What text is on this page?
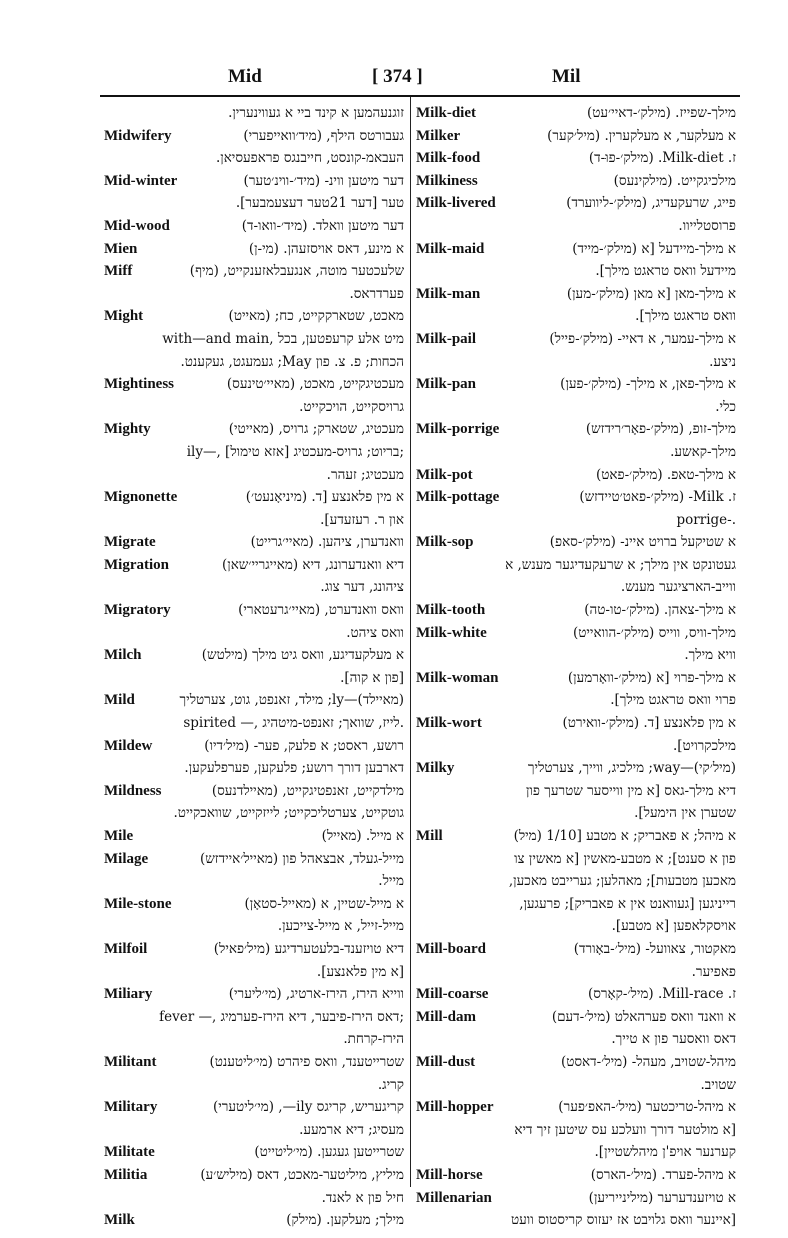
Mid	[ 374 ]	Mil
זוגנעהמען א קינד ביי א געווינערין.
Midwifery	געבורטס הילף, (מיד׳וואייפערי)
העבאמ-קונסט, חייבנגס פראפעסיאן.
Mid-winter	דער מיטען ווינ- (מיד׳-ווינ׳טער)
טער [דער 21טער דעצעמבער].
Mid-wood	דער מיטען וואלד. (מיד׳-וואו-ד)
Mien	א מינע, דאס אויסזעהן. (מי-ן)
Miff	שלעכטער מוטה, אנגעבלאזענקייט, (מיף)
פערדראס.
Might	מאכט, שטארקקייט, כח; (מאייט)
with—and main, מיט אלע קרעפטען, בכל
הכחות; פ. צ. פון May; געמעגט, געקענט.
Mightiness	מעכטיגקייט, מאכט, (מאיי׳טינעס)
גרויסקייט, הויכקייט.
Mighty	מעכטיג, שטארק; גרויס, (מאייטי)
ily—, בריוט; גרויס-מעכטיג [אזא טימול];
מעכטיג; זעהר.
Mignonette	א מין פלאנצע [ד. (מיניאָנעט׳)
און ר. רעזעדע].
Migrate	וואנדערן, ציהען. (מאיי׳גרייט)
Migration	דיא וואנדערונג, דיא (מאייגריי׳שאן)
ציהונג, דער צוג.
Migratory	וואס וואנדערט, (מאיי׳גרעטארי)
וואס ציהט.
Milch	א מעלקעדיגע, וואס גיט מילך (מילטש)
[פון א קוה].
Mild	(מאיילד)—ly; מילד, זאנפט, גוט, צערטליך
spirited —, לייז, שוואך; זאנפט-מיטהיג.
Mildew	רושע, ראסט; א פלעק, פער- (מיל׳דיו)
דארבען דורך רושע; פלעקען, פערפלעקען.
Mildness	מילדקייט, זאנפטיגקייט, (מאיילדנעס)
גוטקייט, צערטליכקייט; לייזקייט, שוואכקייט.
Mile	א מייל. (מאייל)
Milage	מייל-געלד, אבצאהל פון (מאייל׳איידזש)
מייל.
Mile-stone	א מייל-שטיין, א (מאייל-סטאָן)
מייל-זייל, א מייל-צייכען.
Milfoil	דיא טויזענד-בלעטערדיגע (מיל׳פאיל)
[א מין פלאנצע].
Miliary	ווייא הירז, הירז-ארטיג, (מי׳ליערי)
fever —, דאס הירז-פיבער, דיא הירז-פערמיג;
הירז-קרחת.
Militant	שטרייטענד, וואס פיהרט (מי׳ליטענט)
קריג.
Military	קריגעריש, קריגס ily—, (מי׳ליטערי)
מעסיג; דיא ארמעע.
Militate	שטרייטען געגען. (מי׳ליטייט)
Militia	מיליץ, מיליטער-מאכט, דאס (מיליש׳ע)
חיל פון א לאנד.
Milk	מילך; מעלקען. (מילק)
Milk-diet	מילך-שפייז. (מילק׳-דאיי׳עט)
Milker	א מעלקער, א מעלקערין. (מיל׳קער)
Milk-food	ז. Milk-diet. (מילק׳-פוּ-ד)
Milkiness	מילכיגקייט. (מילקינעס)
Milk-livered	פייג, שרעקעדיג, (מילק׳-ליווערד)
פרוסטלייוו.
Milk-maid	א מילך-מיידעל [א (מילק׳-מייד)
מיידעל וואס טראגט מילך].
Milk-man	א מילך-מאן [א מאן (מילק׳-מען)
וואס טראגט מילך].
Milk-pail	א מילך-עמער, א דאיי- (מילק׳-פייל)
ניצע.
Milk-pan	א מילך-פאן, א מילך- (מילק׳-פען)
כלי.
Milk-porrige	מילך-זופ, (מילק׳-פאָר׳רידזש)
מילך-קאשע.
Milk-pot	א מילך-טאפ. (מילק׳-פאט)
Milk-pottage	ז. Milk- (מילק׳-פאט׳טיידזש)
porrige-.
Milk-sop	א שטיקעל ברויט איינ- (מילק׳-סאפ)
געטונקט אין מילך; א שרעקעדיגער מענש, א
ווייב-הארציגער מענש.
Milk-tooth	א מילך-צאהן. (מילק׳-טו-טה)
Milk-white	מילך-וויס, ווייס (מילק׳-הוואייט)
וויא מילך.
Milk-woman	א מילך-פרוי [א (מילק׳-וואָרמען)
פרוי וואס טראגט מילך].
Milk-wort	א מין פלאנצע [ד. (מילק׳-וואירט)
מילכקרויט].
Milky	(מיל׳קי)—way; מילכיג, ווייך, צערטליך
דיא מילך-גאס [א מין ווייסער שטרעך פון
שטערן אין הימעל].
Mill	א מיהל; א פאבריק; א מטבע [1/10 (מיל)
פון א סענט]; א מטבע-מאשין [א מאשין צו
מאכען מטבעות]; מאהלען; גערייבט מאכען,
רייניגען [געוואנט אין א פאבריק]; פרעגען,
אויסקלאפען [א מטבע].
Mill-board	מאקטור, צאוועל- (מיל׳-באָורד)
פאפיער.
Mill-coarse	ז. Mill-race. (מיל׳-קאָרס)
Mill-dam	א וואנד וואס פערהאלט (מיל׳-דעם)
דאס וואסער פון א טייך.
Mill-dust	מיהל-שטויב, מעהל- (מיל׳-דאסט)
שטויב.
Mill-hopper	א מיהל-טריכטער (מיל׳-האפ׳פער)
[א מולטער דורך וועלכע עס שיטען זיך דיא
קערנער אויפ'ן מיהלשטיין].
Mill-horse	א מיהל-פערד. (מיל׳-הארס)
Millenarian	א טויזענדערער (מילינייריען)
[איינער וואס גלויבט אז יעזוס קריסטוס וועט
